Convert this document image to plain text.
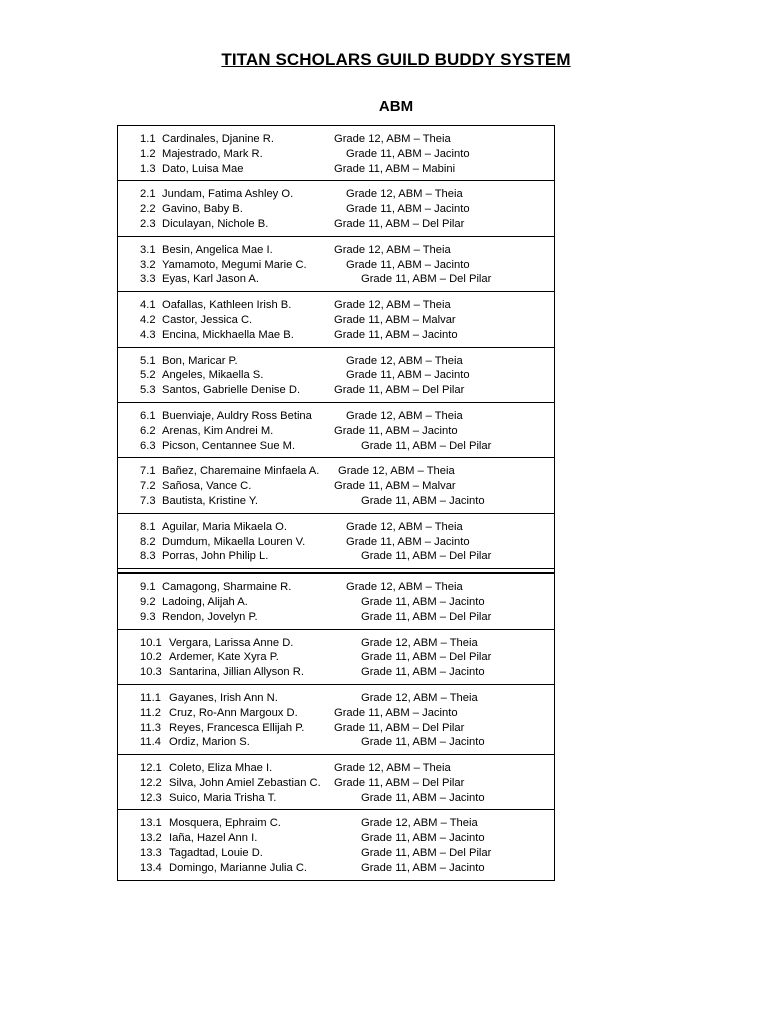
TITAN SCHOLARS GUILD BUDDY SYSTEM
ABM
1.1 Cardinales, Djanine R.	Grade 12, ABM – Theia
1.2 Majestrado, Mark R.	Grade 11, ABM – Jacinto
1.3 Dato, Luisa Mae	Grade 11, ABM – Mabini
2.1 Jundam, Fatima Ashley O.	Grade 12, ABM – Theia
2.2 Gavino, Baby B.	Grade 11, ABM – Jacinto
2.3 Diculayan, Nichole B.	Grade 11, ABM – Del Pilar
3.1 Besin, Angelica Mae I.	Grade 12, ABM – Theia
3.2 Yamamoto, Megumi Marie C.	Grade 11, ABM – Jacinto
3.3 Eyas, Karl Jason A.	Grade 11, ABM – Del Pilar
4.1 Oafallas, Kathleen Irish B.	Grade 12, ABM – Theia
4.2 Castor, Jessica C.	Grade 11, ABM – Malvar
4.3 Encina, Mickhaella Mae B.	Grade 11, ABM – Jacinto
5.1 Bon, Maricar P.	Grade 12, ABM – Theia
5.2 Angeles, Mikaella S.	Grade 11, ABM – Jacinto
5.3 Santos, Gabrielle Denise D.	Grade 11, ABM – Del Pilar
6.1 Buenviaje, Auldry Ross Betina	Grade 12, ABM – Theia
6.2 Arenas, Kim Andrei M.	Grade 11, ABM – Jacinto
6.3 Picson, Centannee Sue M.	Grade 11, ABM – Del Pilar
7.1 Bañez, Charemaine Minfaela A. Grade 12, ABM – Theia
7.2 Sañosa, Vance C.	Grade 11, ABM – Malvar
7.3 Bautista, Kristine Y.	Grade 11, ABM – Jacinto
8.1 Aguilar, Maria Mikaela O.	Grade 12, ABM – Theia
8.2 Dumdum, Mikaella Louren V.	Grade 11, ABM – Jacinto
8.3 Porras, John Philip L.	Grade 11, ABM – Del Pilar
9.1 Camagong, Sharmaine R.	Grade 12, ABM – Theia
9.2 Ladoing, Alijah A.	Grade 11, ABM – Jacinto
9.3 Rendon, Jovelyn P.	Grade 11, ABM – Del Pilar
10.1 Vergara, Larissa Anne D.	Grade 12, ABM – Theia
10.2 Ardemer, Kate Xyra P.	Grade 11, ABM – Del Pilar
10.3 Santarina, Jillian Allyson R.	Grade 11, ABM – Jacinto
11.1 Gayanes, Irish Ann N.	Grade 12, ABM – Theia
11.2 Cruz, Ro-Ann Margoux D.	Grade 11, ABM – Jacinto
11.3 Reyes, Francesca Ellijah P.	Grade 11, ABM – Del Pilar
11.4 Ordiz, Marion S.	Grade 11, ABM – Jacinto
12.1 Coleto, Eliza Mhae I.	Grade 12, ABM – Theia
12.2 Silva, John Amiel Zebastian C. Grade 11, ABM – Del Pilar
12.3 Suico, Maria Trisha T.	Grade 11, ABM – Jacinto
13.1 Mosquera, Ephraim C.	Grade 12, ABM – Theia
13.2 Iaña, Hazel Ann I.	Grade 11, ABM – Jacinto
13.3 Tagadtad, Louie D.	Grade 11, ABM – Del Pilar
13.4 Domingo, Marianne Julia C.	Grade 11, ABM – Jacinto
